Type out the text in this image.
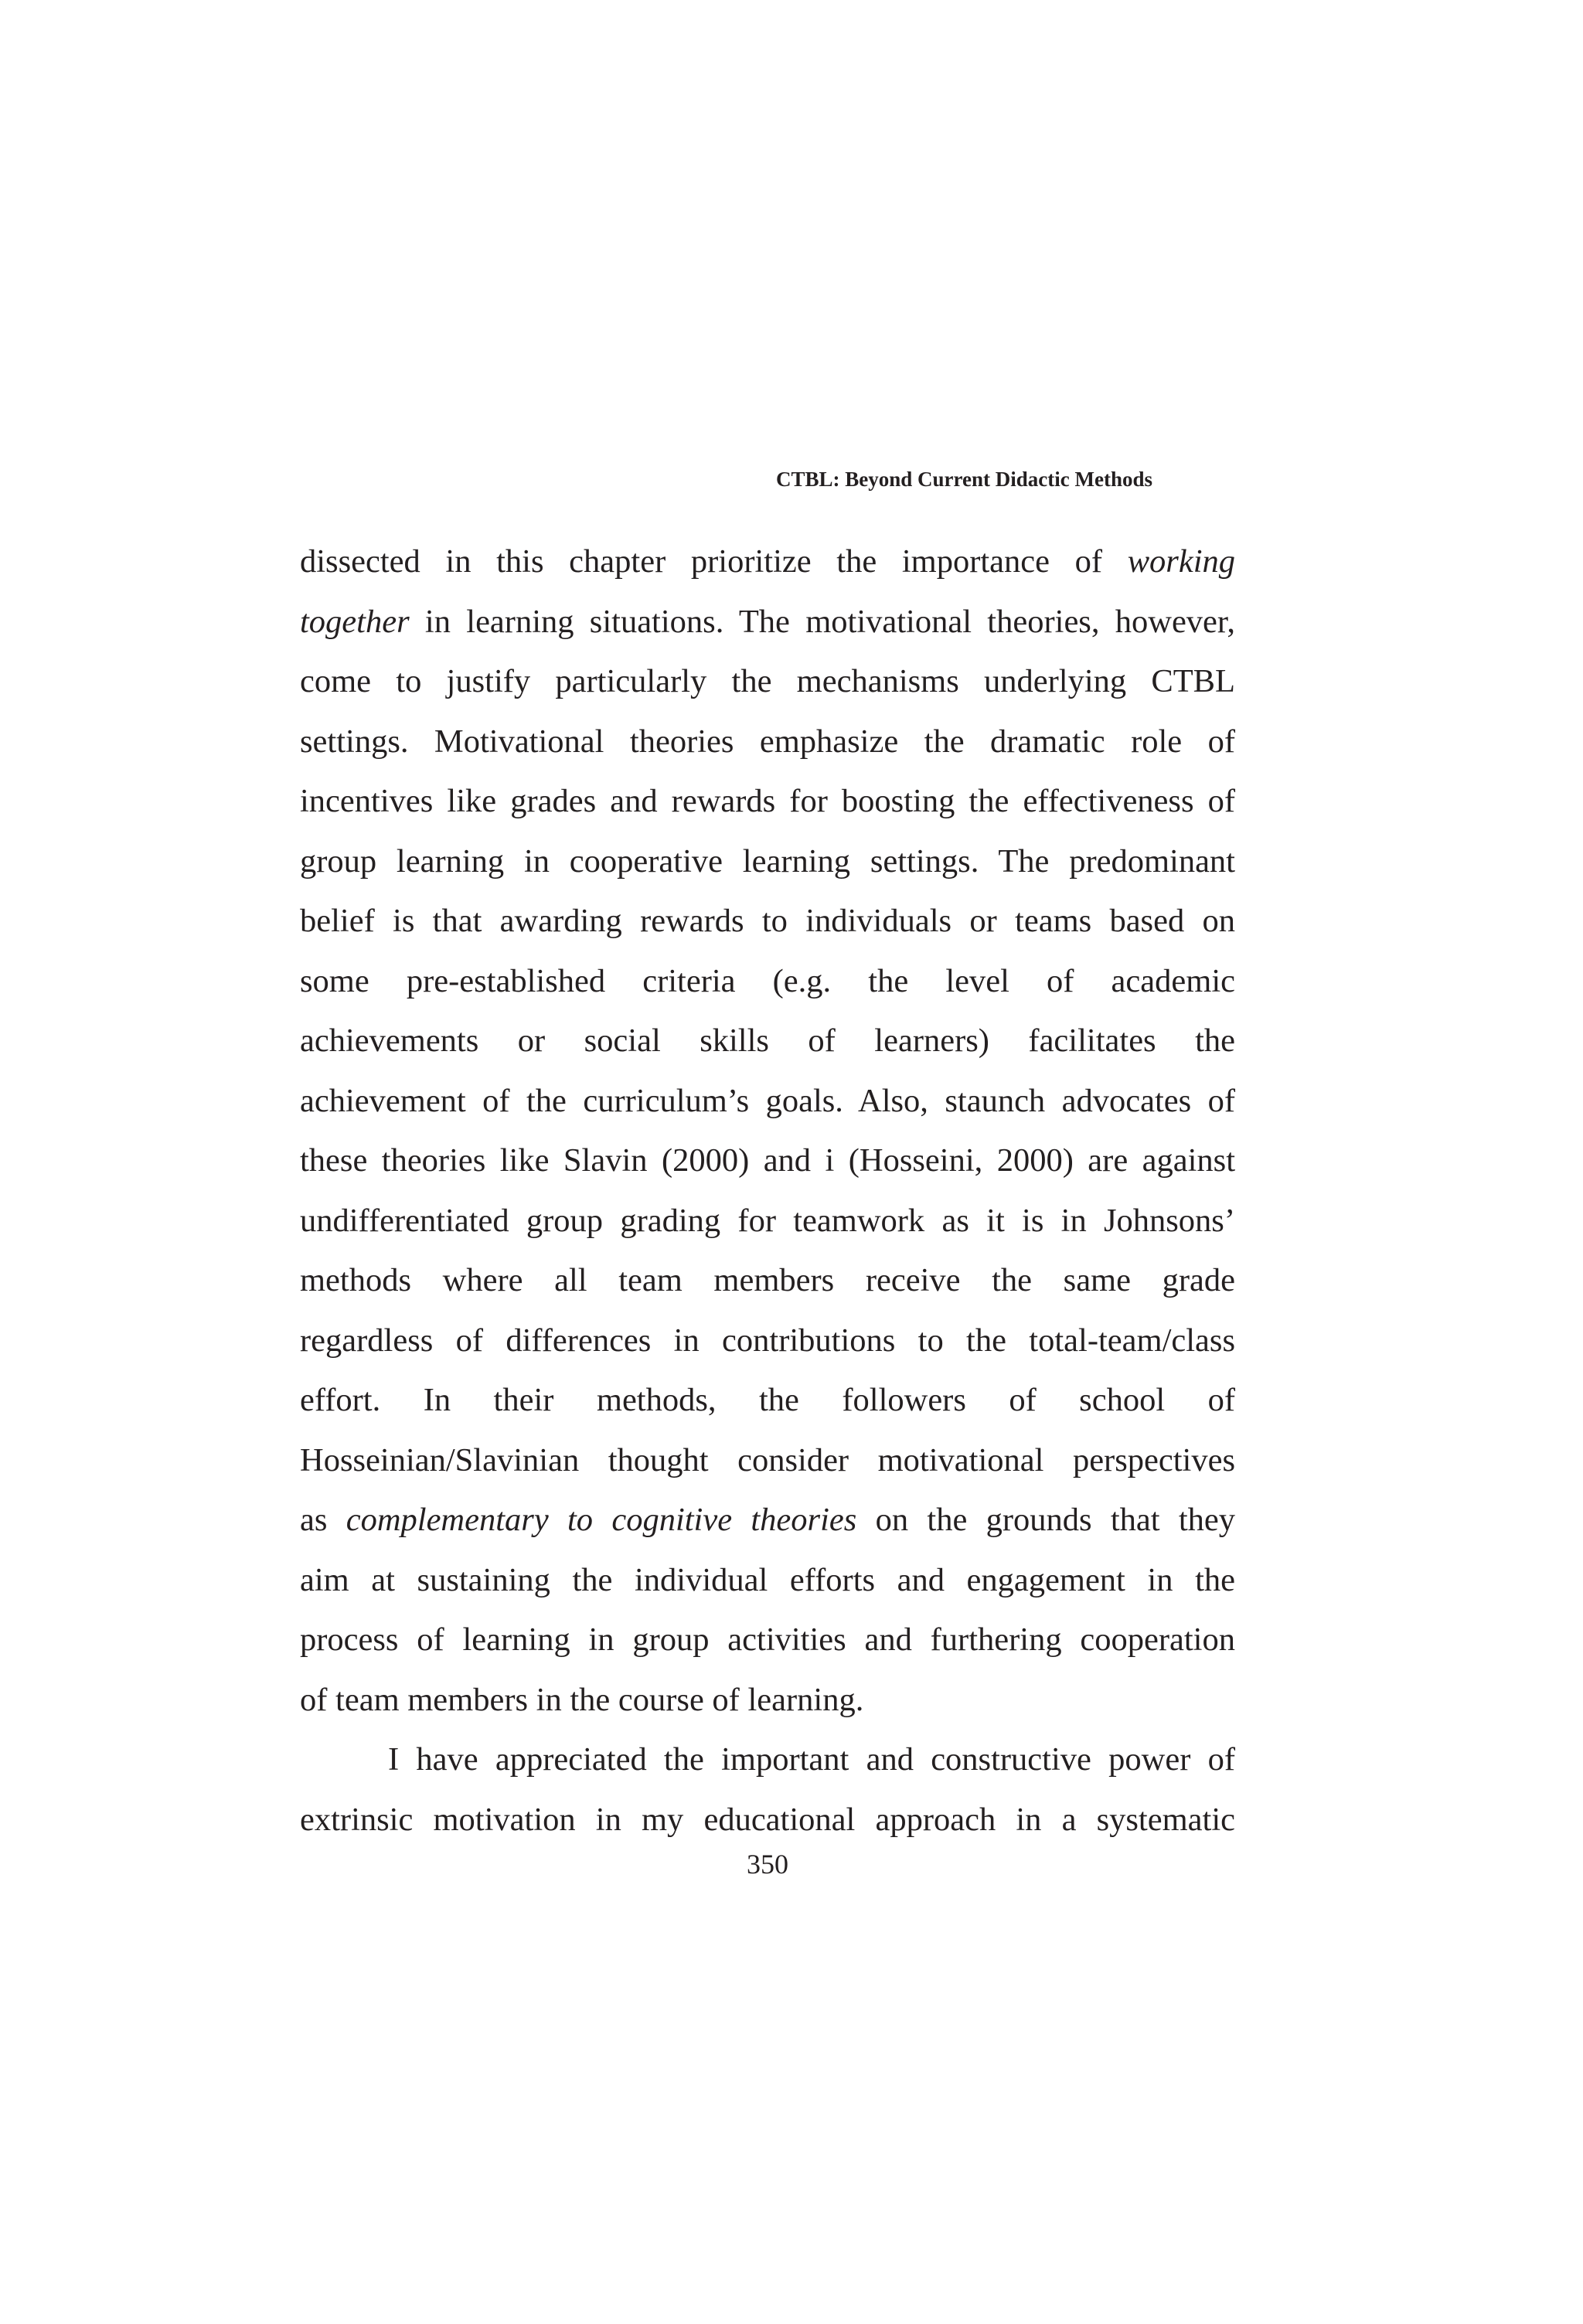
CTBL: Beyond Current Didactic Methods
dissected in this chapter prioritize the importance of working
together in learning situations. The motivational theories, however,
come to justify particularly the mechanisms underlying CTBL
settings. Motivational theories emphasize the dramatic role of
incentives like grades and rewards for boosting the effectiveness of
group learning in cooperative learning settings. The predominant
belief is that awarding rewards to individuals or teams based on
some pre-established criteria (e.g. the level of academic
achievements or social skills of learners) facilitates the
achievement of the curriculum’s goals. Also, staunch advocates of
these theories like Slavin (2000) and i (Hosseini, 2000) are against
undifferentiated group grading for teamwork as it is in Johnsons’
methods where all team members receive the same grade
regardless of differences in contributions to the total-team/class
effort. In their methods, the followers of school of
Hosseinian/Slavinian thought consider motivational perspectives
as complementary to cognitive theories on the grounds that they
aim at sustaining the individual efforts and engagement in the
process of learning in group activities and furthering cooperation
of team members in the course of learning.
I have appreciated the important and constructive power of
extrinsic motivation in my educational approach in a systematic
350
